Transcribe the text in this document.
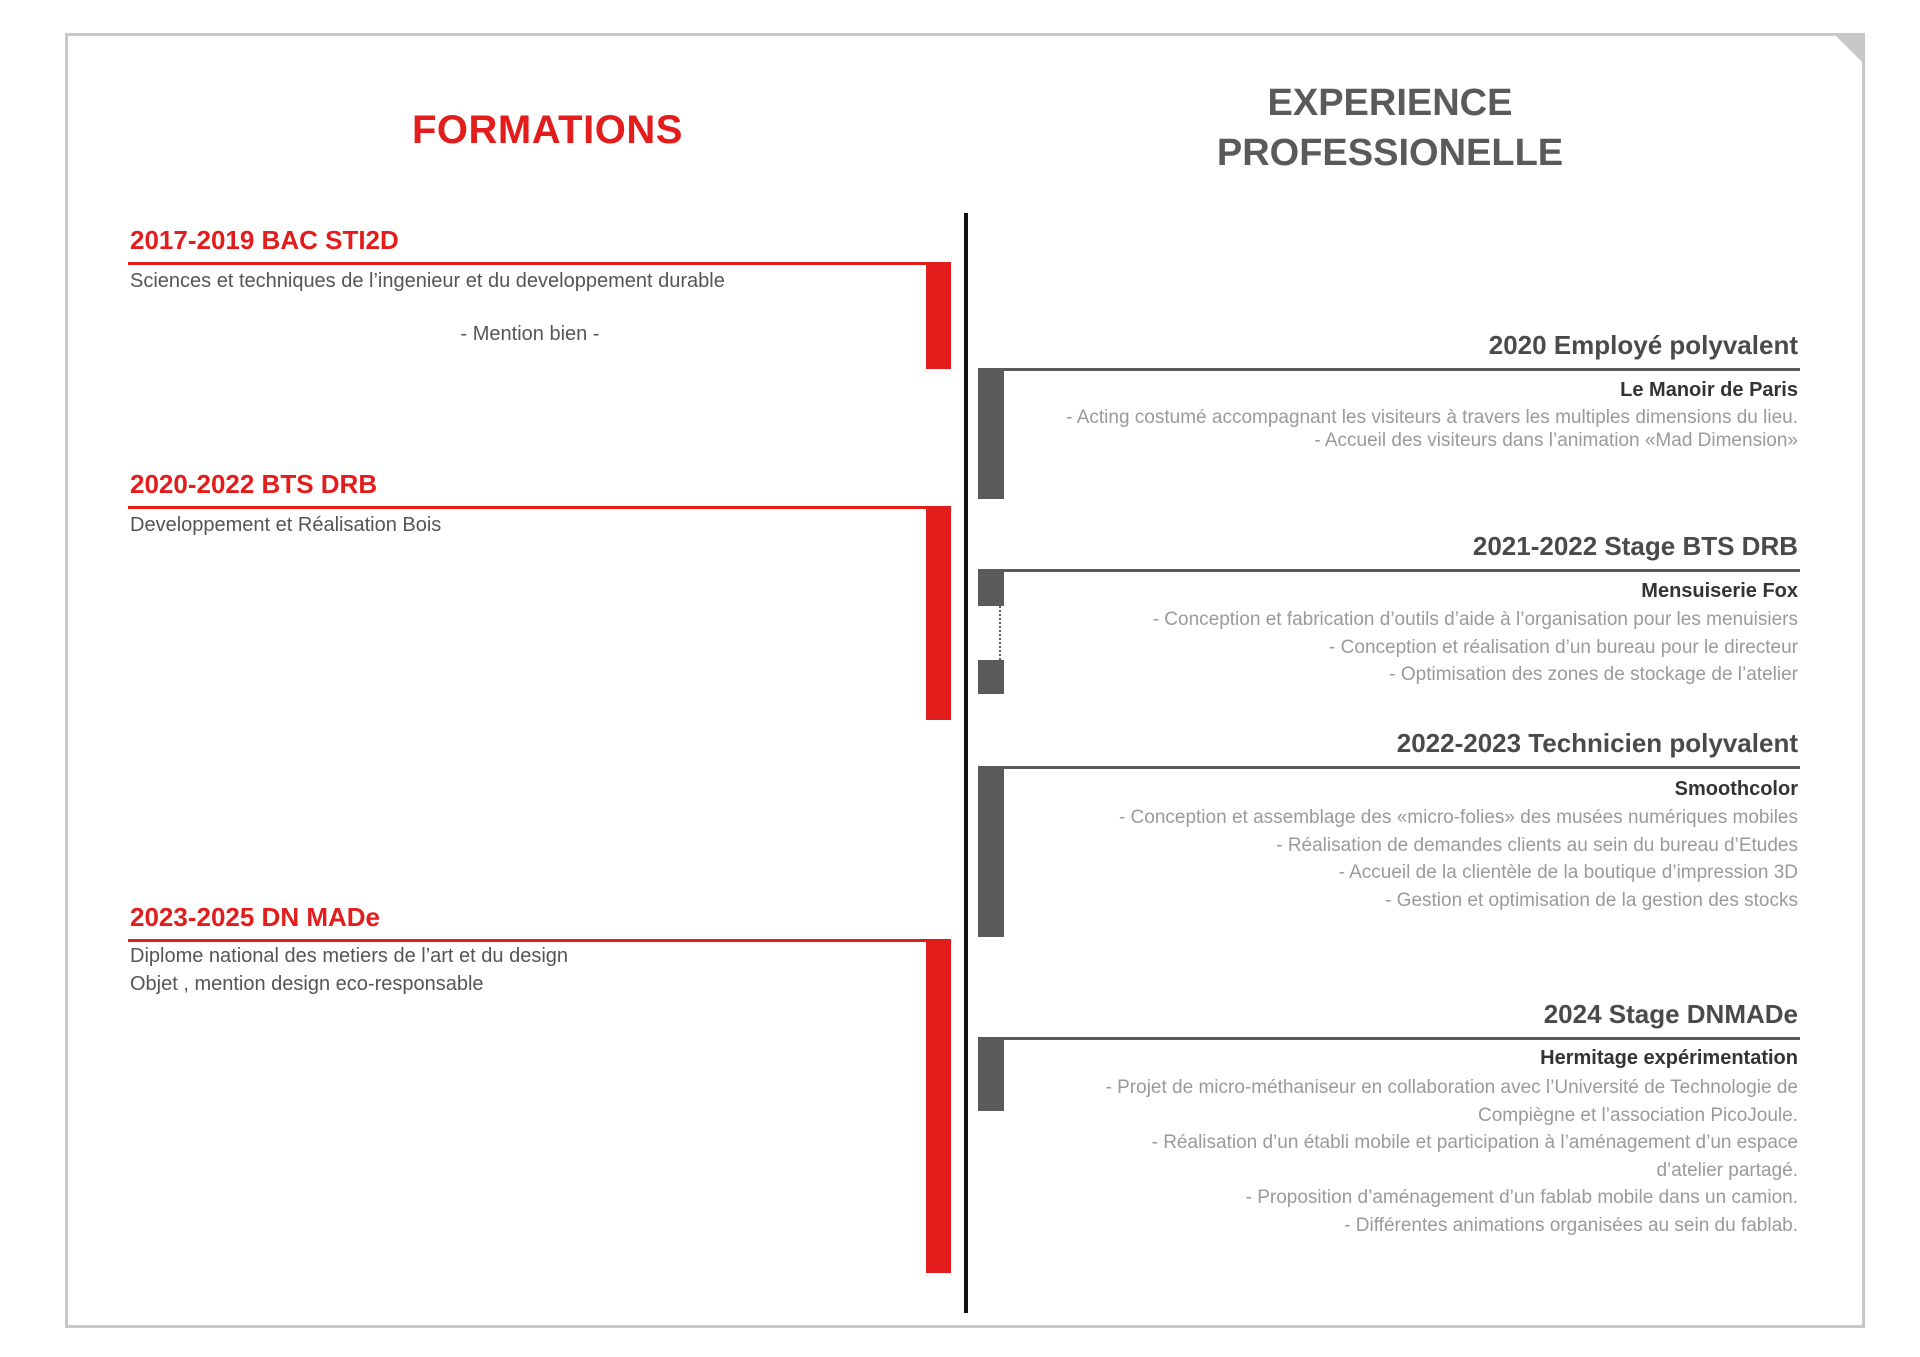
FORMATIONS
EXPERIENCE
PROFESSIONELLE
2017-2019 BAC STI2D
Sciences et techniques de l’ingenieur et du developpement durable
- Mention bien -
2020-2022 BTS DRB
Developpement et Réalisation Bois
2023-2025 DN MADe
Diplome national des metiers de l’art et du design
Objet , mention design eco-responsable
2020 Employé polyvalent
Le Manoir de Paris
- Acting costumé accompagnant les visiteurs à travers les multiples dimensions du lieu.
- Accueil des visiteurs dans l’animation «Mad Dimension»
2021-2022 Stage BTS DRB
Mensuiserie Fox
- Conception et fabrication d’outils d’aide à l’organisation pour les menuisiers
- Conception et réalisation d’un bureau pour le directeur
- Optimisation des zones de stockage de l’atelier
2022-2023 Technicien polyvalent
Smoothcolor
- Conception et assemblage des «micro-folies» des musées numériques mobiles
- Réalisation de demandes clients au sein du bureau d’Etudes
- Accueil de la clientèle de la boutique d’impression 3D
- Gestion et optimisation de la gestion des stocks
2024 Stage DNMADe
Hermitage expérimentation
- Projet de micro-méthaniseur en collaboration avec l’Université de Technologie de
Compiègne et l’association PicoJoule.
- Réalisation d’un établi mobile et participation à l’aménagement d’un espace
d’atelier partagé.
- Proposition d’aménagement d’un fablab mobile dans un camion.
- Différentes animations organisées au sein du fablab.
